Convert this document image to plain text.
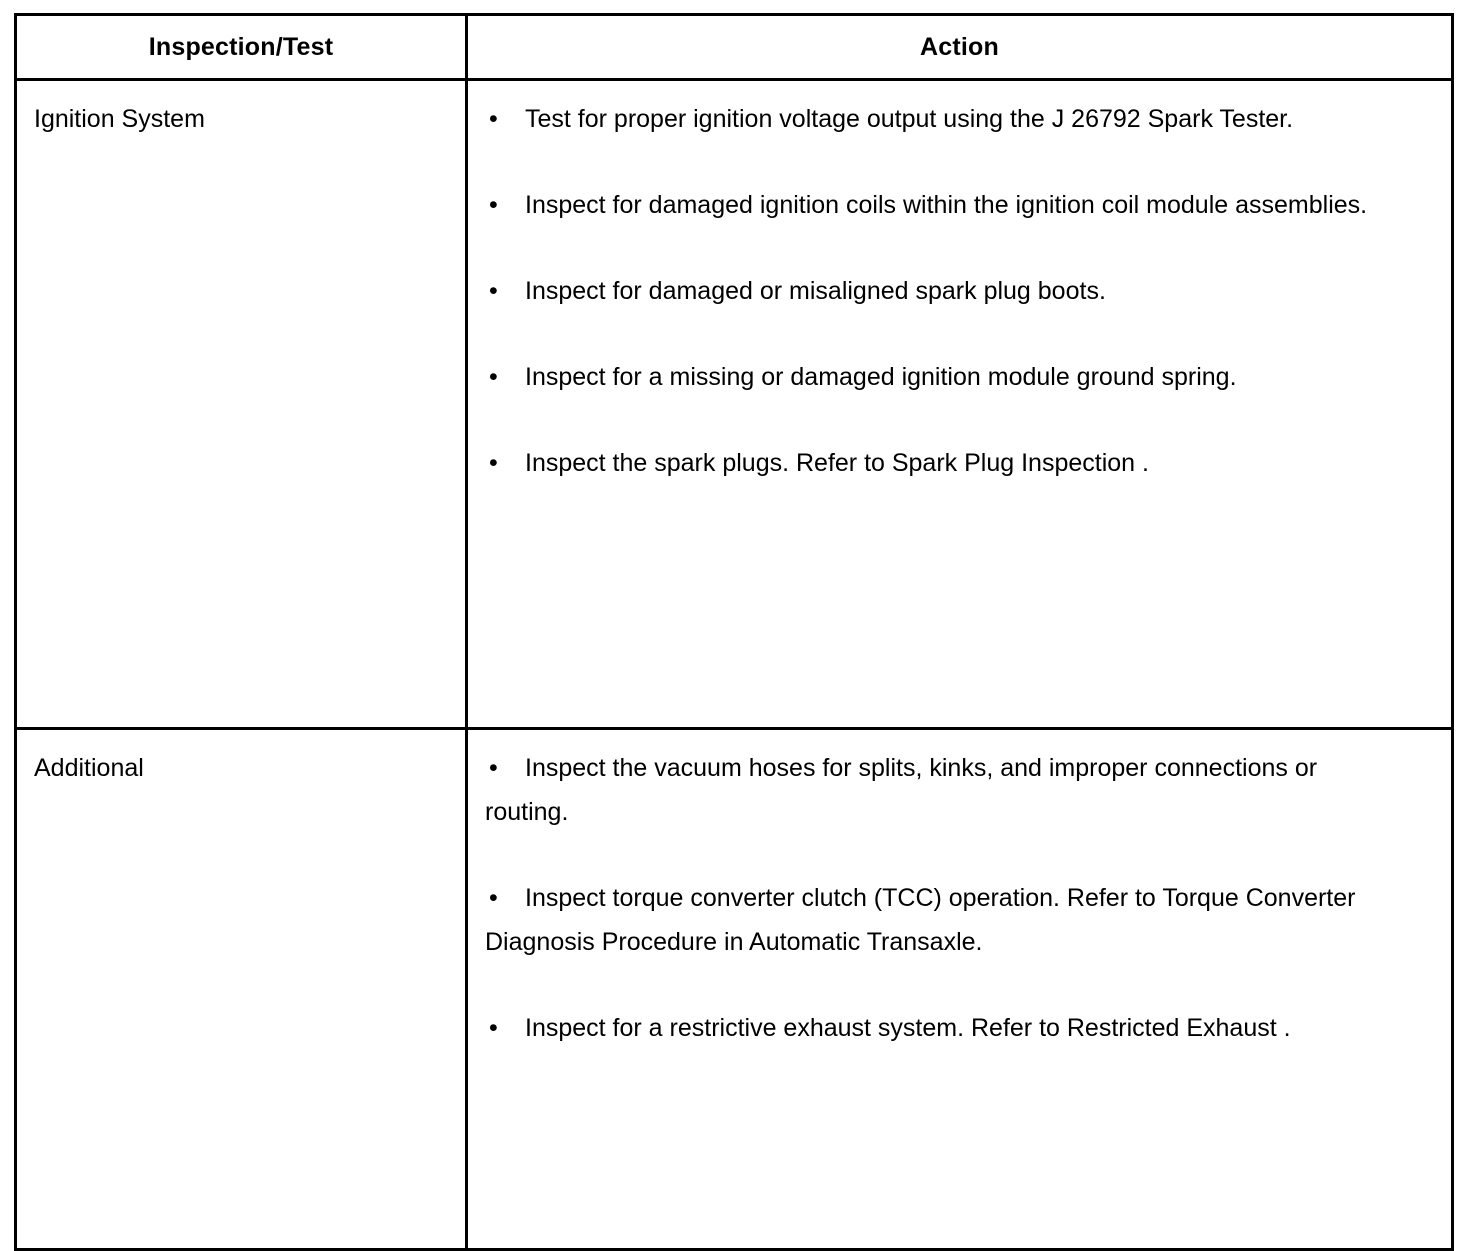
Inspection/Test	Action
Ignition System	• Test for proper ignition voltage output using the J 26792 Spark Tester.
• Inspect for damaged ignition coils within the ignition coil module assemblies.
• Inspect for damaged or misaligned spark plug boots.
• Inspect for a missing or damaged ignition module ground spring.
• Inspect the spark plugs. Refer to Spark Plug Inspection .

Additional	• Inspect the vacuum hoses for splits, kinks, and improper connections or routing.
• Inspect torque converter clutch (TCC) operation. Refer to Torque Converter Diagnosis Procedure in Automatic Transaxle.
• Inspect for a restrictive exhaust system. Refer to Restricted Exhaust .
